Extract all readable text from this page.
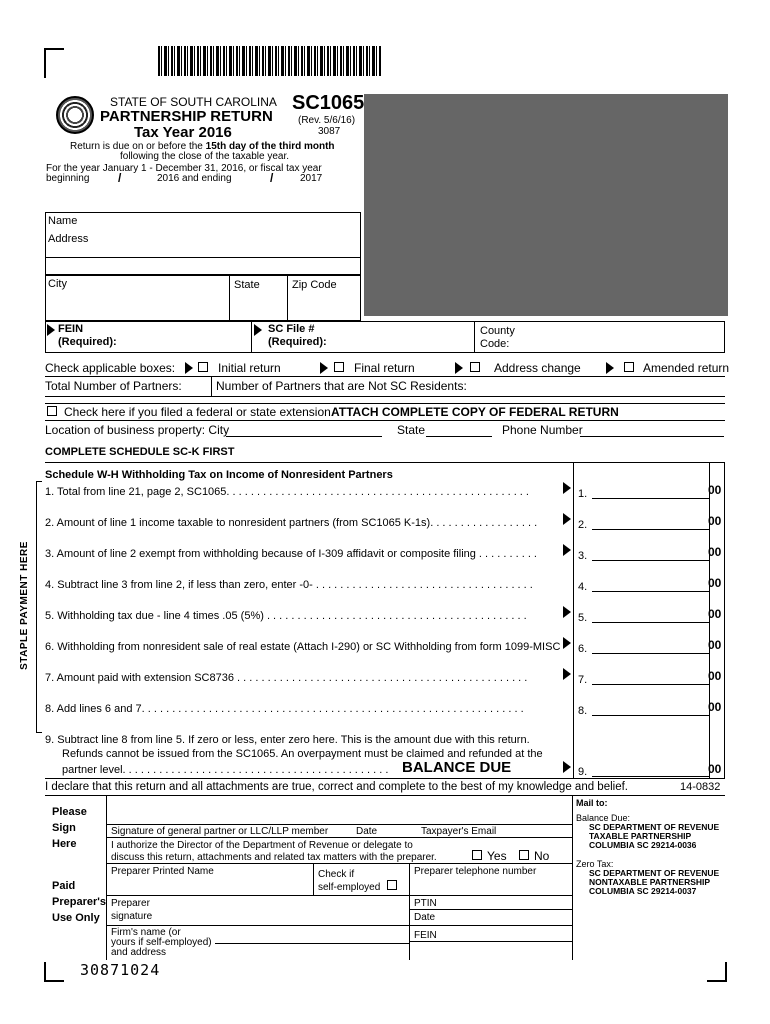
STATE OF SOUTH CAROLINA SC1065
PARTNERSHIP RETURN
Tax Year 2016
(Rev. 5/6/16)
3087
Return is due on or before the 15th day of the third month
following the close of the taxable year.
For the year January 1 - December 31, 2016, or fiscal tax year
beginning /	2016 and ending	/	2017
Name
Address
City	State	Zip Code
FEIN
(Required):
SC File #
(Required):
County
Code:
Check applicable boxes:	Initial return	Final return	Address change	Amended return
Total Number of Partners:	Number of Partners that are Not SC Residents:
Check here if you filed a federal or state extension.
ATTACH COMPLETE COPY OF FEDERAL RETURN
Location of business property: City	State	Phone Number
COMPLETE SCHEDULE SC-K FIRST
Schedule W-H Withholding Tax on Income of Nonresident Partners
STAPLE PAYMENT HERE
1. Total from line 21, page 2, SC1065. . . . . . . . . . . . . . . . . . . . . . . . . . . . . . . . . . . . . . . . . . . . . . . . . .	1.	00
2. Amount of line 1 income taxable to nonresident partners (from SC1065 K-1s). . . . . . . . . . . . . . . . . .	2.	00
3. Amount of line 2 exempt from withholding because of I-309 affidavit or composite filing . . . . . . . . . .	3.	00
4. Subtract line 3 from line 2, if less than zero, enter -0- . . . . . . . . . . . . . . . . . . . . . . . . . . . . . . . . . . . .	4.	00
5. Withholding tax due - line 4 times .05 (5%) . . . . . . . . . . . . . . . . . . . . . . . . . . . . . . . . . . . . . . . . . . .	5.	00
6. Withholding from nonresident sale of real estate (Attach I-290) or SC Withholding from form 1099-MISC 6.	00
7. Amount paid with extension SC8736 . . . . . . . . . . . . . . . . . . . . . . . . . . . . . . . . . . . . . . . . . . . . . . . .	7.	00
8. Add lines 6 and 7. . . . . . . . . . . . . . . . . . . . . . . . . . . . . . . . . . . . . . . . . . . . . . . . . . . . . . . . . . . . . . .	8.	00
9. Subtract line 8 from line 5. If zero or less, enter zero here. This is the amount due with this return.
Refunds cannot be issued from the SC1065. An overpayment must be claimed and refunded at the
partner level. . . . . . . . . . . . . . . . . . . . . . . . . . . . . . . . . . . . . . . . . . . . BALANCE DUE	9.	00
I declare that this return and all attachments are true, correct and complete to the best of my knowledge and belief.	14-0832
Please
Sign
Here
Signature of general partner or LLC/LLP member	Date	Taxpayer's Email
I authorize the Director of the Department of Revenue or delegate to
discuss this return, attachments and related tax matters with the preparer.	Yes No
Paid
Preparer's
Use Only
Preparer Printed Name	Check if
self-employed
Preparer telephone number
Preparer
signature
PTIN
Date
Firm's name (or
yours if self-employed)
and address
FEIN
Mail to:
Balance Due:
SC DEPARTMENT OF REVENUE
TAXABLE PARTNERSHIP
COLUMBIA SC 29214-0036
Zero Tax:
SC DEPARTMENT OF REVENUE
NONTAXABLE PARTNERSHIP
COLUMBIA SC 29214-0037
30871024
